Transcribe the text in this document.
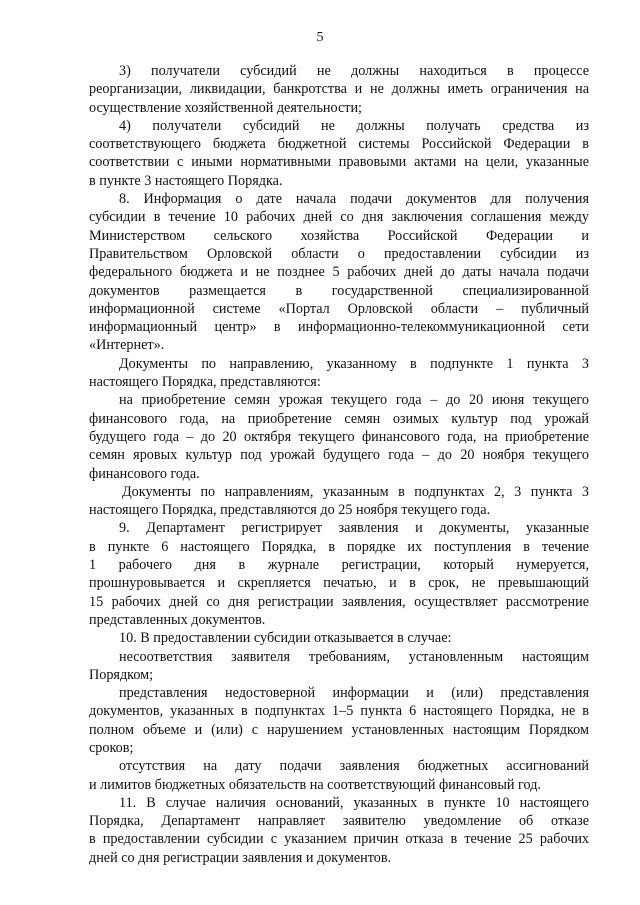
5
3) получатели субсидий не должны находиться в процессе
реорганизации, ликвидации, банкротства и не должны иметь ограничения на
осуществление хозяйственной деятельности;
4) получатели субсидий не должны получать средства из
соответствующего бюджета бюджетной системы Российской Федерации в
соответствии с иными нормативными правовыми актами на цели, указанные
в пункте 3 настоящего Порядка.
8. Информация о дате начала подачи документов для получения
субсидии в течение 10 рабочих дней со дня заключения соглашения между
Министерством сельского хозяйства Российской Федерации и
Правительством Орловской области о предоставлении субсидии из
федерального бюджета и не позднее 5 рабочих дней до даты начала подачи
документов размещается в государственной специализированной
информационной системе «Портал Орловской области – публичный
информационный центр» в информационно-телекоммуникационной сети
«Интернет».
Документы по направлению, указанному в подпункте 1 пункта 3
настоящего Порядка, представляются:
на приобретение семян урожая текущего года – до 20 июня текущего
финансового года, на приобретение семян озимых культур под урожай
будущего года – до 20 октября текущего финансового года, на приобретение
семян яровых культур под урожай будущего года – до 20 ноября текущего
финансового года.
Документы по направлениям, указанным в подпунктах 2, 3 пункта 3
настоящего Порядка, представляются до 25 ноября текущего года.
9. Департамент регистрирует заявления и документы, указанные
в пункте 6 настоящего Порядка, в порядке их поступления в течение
1 рабочего дня в журнале регистрации, который нумеруется,
прошнуровывается и скрепляется печатью, и в срок, не превышающий
15 рабочих дней со дня регистрации заявления, осуществляет рассмотрение
представленных документов.
10. В предоставлении субсидии отказывается в случае:
несоответствия заявителя требованиям, установленным настоящим
Порядком;
представления недостоверной информации и (или) представления
документов, указанных в подпунктах 1–5 пункта 6 настоящего Порядка, не в
полном объеме и (или) с нарушением установленных настоящим Порядком
сроков;
отсутствия на дату подачи заявления бюджетных ассигнований
и лимитов бюджетных обязательств на соответствующий финансовый год.
11. В случае наличия оснований, указанных в пункте 10 настоящего
Порядка, Департамент направляет заявителю уведомление об отказе
в предоставлении субсидии с указанием причин отказа в течение 25 рабочих
дней со дня регистрации заявления и документов.
